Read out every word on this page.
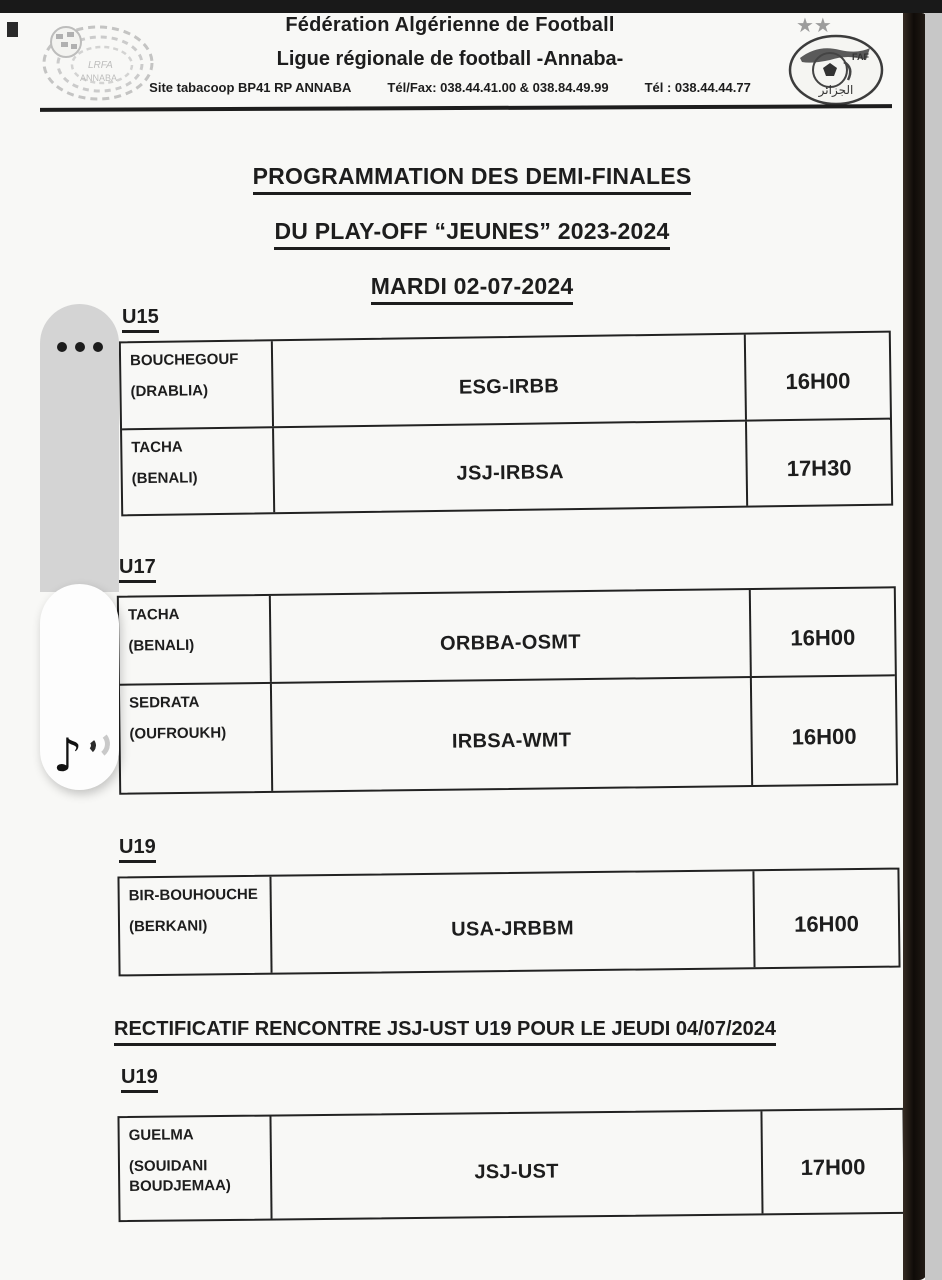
LRFA
ANNABA
★★
FAF
الجزائر
Fédération Algérienne de Football
Ligue régionale de football -Annaba-
Site tabacoop BP41 RP ANNABA	Tél/Fax: 038.44.41.00 & 038.84.49.99	Tél : 038.44.44.77
PROGRAMMATION DES DEMI-FINALES
DU PLAY-OFF “JEUNES” 2023-2024
MARDI 02-07-2024
U15
BOUCHEGOUF
(DRABLIA)	ESG-IRBB	16H00
TACHA
(BENALI)	JSJ-IRBSA	17H30
U17
TACHA
(BENALI)	ORBBA-OSMT	16H00
SEDRATA
(OUFROUKH)	IRBSA-WMT	16H00
U19
BIR-BOUHOUCHE
(BERKANI)	USA-JRBBM	16H00
RECTIFICATIF RENCONTRE JSJ-UST U19 POUR LE JEUDI 04/07/2024
U19
GUELMA
(SOUIDANI
BOUDJEMAA)
JSJ-UST	17H00
♪
